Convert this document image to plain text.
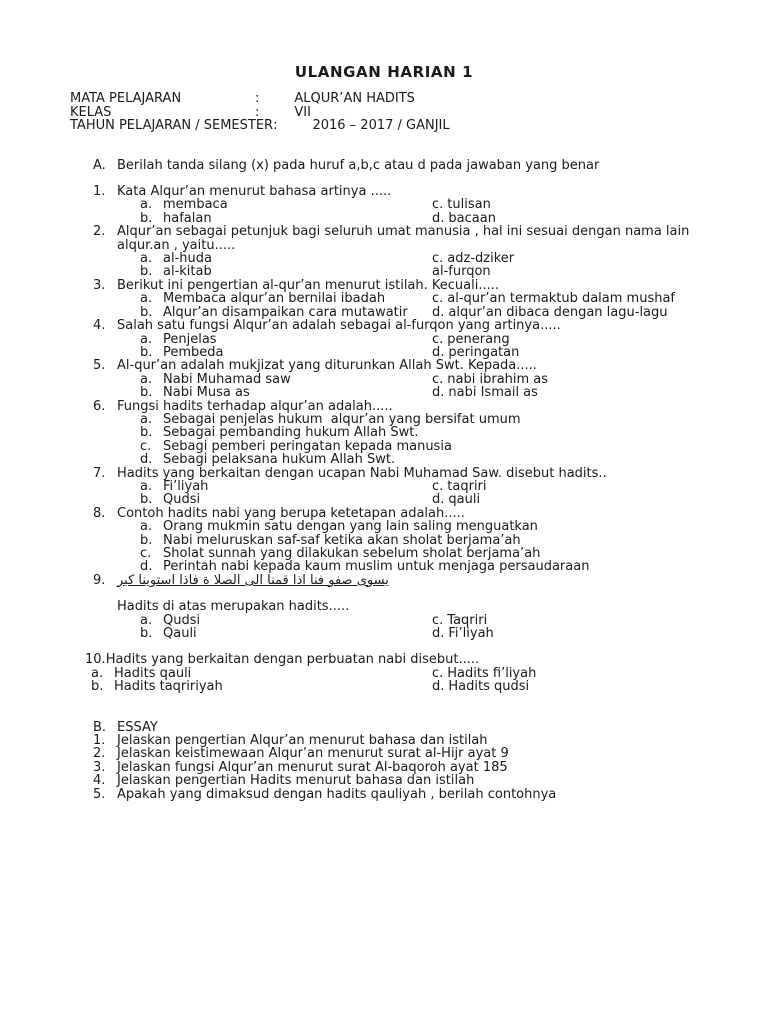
ULANGAN HARIAN 1
MATA PELAJARAN	:	ALQUR’AN HADITS
KELAS	:	VII
TAHUN PELAJARAN / SEMESTER :	2016 – 2017 / GANJIL
A. Berilah tanda silang (x) pada huruf a,b,c atau d pada jawaban yang benar
1. Kata Alqur’an menurut bahasa artinya .....
a. membaca	c. tulisan
b. hafalan	d. bacaan
2. Alqur’an sebagai petunjuk bagi seluruh umat manusia , hal ini sesuai dengan nama lain alqur.an , yaitu.....
a. al-huda	c. adz-dziker
b. al-kitab	al-furqon
3. Berikut ini pengertian al-qur’an menurut istilah. Kecuali.....
a. Membaca alqur’an bernilai ibadah	c. al-qur’an termaktub dalam mushaf
b. Alqur’an disampaikan cara mutawatir	d. alqur’an dibaca dengan lagu-lagu
4. Salah satu fungsi Alqur’an adalah sebagai al-furqon yang artinya.....
a. Penjelas	c. penerang
b. Pembeda	d. peringatan
5. Al-qur’an adalah mukjizat yang diturunkan Allah Swt. Kepada.....
a. Nabi Muhamad saw	c. nabi ibrahim as
b. Nabi Musa as	d. nabi Ismail as
6. Fungsi hadits terhadap alqur’an adalah.....
a. Sebagai penjelas hukum  alqur’an yang bersifat umum
b. Sebagai pembanding hukum Allah Swt.
c. Sebagi pemberi peringatan kepada manusia
d. Sebagi pelaksana hukum Allah Swt.
7. Hadits yang berkaitan dengan ucapan Nabi Muhamad Saw. disebut hadits..
a. Fi’liyah	c. taqriri
b. Qudsi	d. qauli
8. Contoh hadits nabi yang berupa ketetapan adalah.....
a. Orang mukmin satu dengan yang lain saling menguatkan
b. Nabi meluruskan saf-saf ketika akan sholat berjama’ah
c. Sholat sunnah yang dilakukan sebelum sholat berjama’ah
d. Perintah nabi kepada kaum muslim untuk menjaga persaudaraan
9. يسوى صفو فنا اذا قمنا الى الصلا ة فاذا استوينا كبر
Hadits di atas merupakan hadits.....
a. Qudsi	c. Taqriri
b. Qauli	d. Fi’liyah
10.Hadits yang berkaitan dengan perbuatan nabi disebut.....
a. Hadits qauli	c. Hadits fi’liyah
b. Hadits taqririyah	d. Hadits qudsi
B. ESSAY
1. Jelaskan pengertian Alqur’an menurut bahasa dan istilah
2. Jelaskan keistimewaan Alqur’an menurut surat al-Hijr ayat 9
3. Jelaskan fungsi Alqur’an menurut surat Al-baqoroh ayat 185
4. Jelaskan pengertian Hadits menurut bahasa dan istilah
5. Apakah yang dimaksud dengan hadits qauliyah , berilah contohnya
